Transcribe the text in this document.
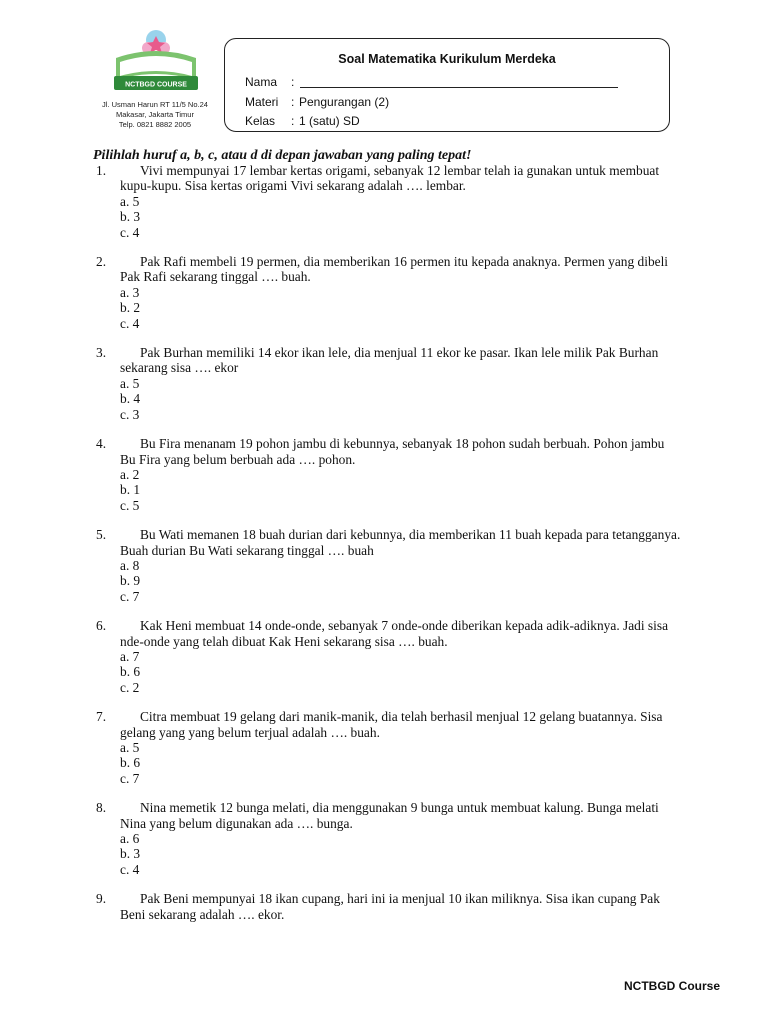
NCTBGD COURSE
Jl. Usman Harun RT 11/5 No.24
Makasar, Jakarta Timur
Telp. 0821 8882 2005
Soal Matematika Kurikulum Merdeka
Nama	:
Materi	: Pengurangan (2)
Kelas	: 1 (satu) SD
Pilihlah huruf a, b, c, atau d di depan jawaban yang paling tepat!
1.	Vivi mempunyai 17 lembar kertas origami, sebanyak 12 lembar telah ia gunakan untuk membuat kupu-kupu. Sisa kertas origami Vivi sekarang adalah …. lembar.
a. 5
b. 3
c. 4
2.	Pak Rafi membeli 19 permen, dia memberikan 16 permen itu kepada anaknya. Permen yang dibeli Pak Rafi sekarang tinggal …. buah.
a. 3
b. 2
c. 4
3.	Pak Burhan memiliki 14 ekor ikan lele, dia menjual 11 ekor ke pasar. Ikan lele milik Pak Burhan sekarang sisa …. ekor
a. 5
b. 4
c. 3
4.	Bu Fira menanam 19 pohon jambu di kebunnya, sebanyak 18 pohon sudah berbuah. Pohon jambu Bu Fira yang belum berbuah ada …. pohon.
a. 2
b. 1
c. 5
5.	Bu Wati memanen 18 buah durian dari kebunnya, dia memberikan 11 buah kepada para tetangganya. Buah durian Bu Wati sekarang tinggal …. buah
a. 8
b. 9
c. 7
6.	Kak Heni membuat 14 onde-onde, sebanyak 7 onde-onde diberikan kepada adik-adiknya. Jadi sisa nde-onde yang telah dibuat Kak Heni sekarang sisa …. buah.
a. 7
b. 6
c. 2
7.	Citra membuat 19 gelang dari manik-manik, dia telah berhasil menjual 12 gelang buatannya. Sisa gelang yang yang belum terjual adalah …. buah.
a. 5
b. 6
c. 7
8.	Nina memetik 12 bunga melati, dia menggunakan 9 bunga untuk membuat kalung. Bunga melati Nina yang belum digunakan ada …. bunga.
a. 6
b. 3
c. 4
9.	Pak Beni mempunyai 18 ikan cupang, hari ini ia menjual 10 ikan miliknya. Sisa ikan cupang Pak Beni sekarang adalah …. ekor.
NCTBGD Course
